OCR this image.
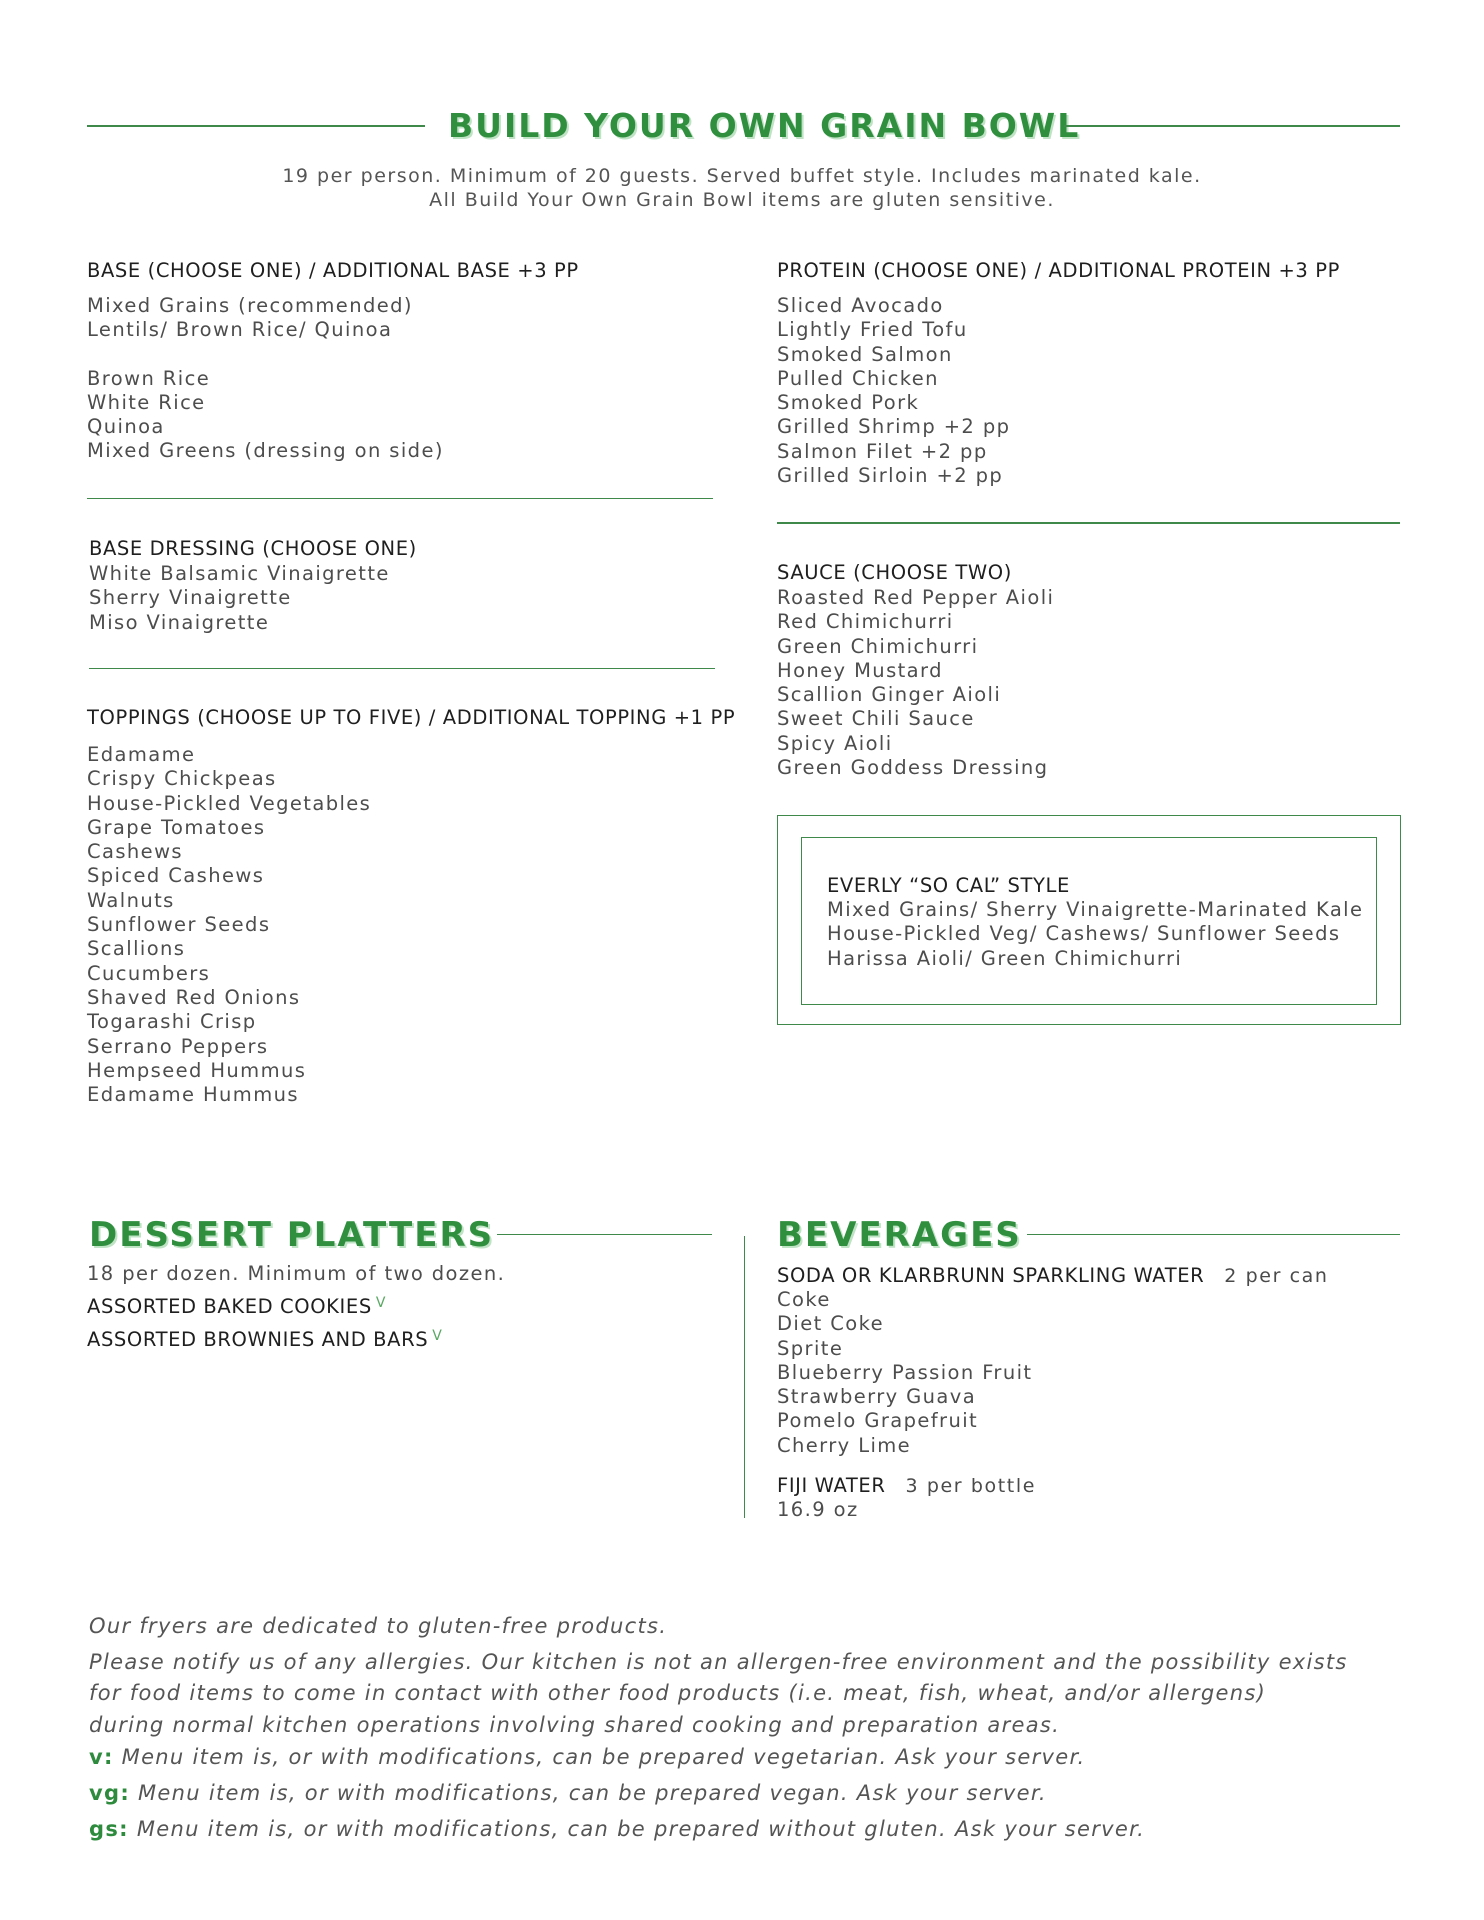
BUILD YOUR OWN GRAIN BOWL
19 per person. Minimum of 20 guests. Served buffet style. Includes marinated kale.
All Build Your Own Grain Bowl items are gluten sensitive.
BASE (CHOOSE ONE) / ADDITIONAL BASE +3 PP
Mixed Grains (recommended)
Lentils/ Brown Rice/ Quinoa
Brown Rice
White Rice
Quinoa
Mixed Greens (dressing on side)
BASE DRESSING (CHOOSE ONE)
White Balsamic Vinaigrette
Sherry Vinaigrette
Miso Vinaigrette
TOPPINGS (CHOOSE UP TO FIVE) / ADDITIONAL TOPPING +1 PP
Edamame
Crispy Chickpeas
House-Pickled Vegetables
Grape Tomatoes
Cashews
Spiced Cashews
Walnuts
Sunflower Seeds
Scallions
Cucumbers
Shaved Red Onions
Togarashi Crisp
Serrano Peppers
Hempseed Hummus
Edamame Hummus
PROTEIN (CHOOSE ONE) / ADDITIONAL PROTEIN +3 PP
Sliced Avocado
Lightly Fried Tofu
Smoked Salmon
Pulled Chicken
Smoked Pork
Grilled Shrimp +2 pp
Salmon Filet +2 pp
Grilled Sirloin +2 pp
SAUCE (CHOOSE TWO)
Roasted Red Pepper Aioli
Red Chimichurri
Green Chimichurri
Honey Mustard
Scallion Ginger Aioli
Sweet Chili Sauce
Spicy Aioli
Green Goddess Dressing
EVERLY “SO CAL” STYLE
Mixed Grains/ Sherry Vinaigrette-Marinated Kale
House-Pickled Veg/ Cashews/ Sunflower Seeds
Harissa Aioli/ Green Chimichurri
DESSERT PLATTERS
18 per dozen. Minimum of two dozen.
ASSORTED BAKED COOKIES $^V$
ASSORTED BROWNIES AND BARS $^V$
BEVERAGES
SODA OR KLARBRUNN SPARKLING WATER 2 per can
Coke
Diet Coke
Sprite
Blueberry Passion Fruit
Strawberry Guava
Pomelo Grapefruit
Cherry Lime
FIJI WATER 3 per bottle
16.9 oz
Our fryers are dedicated to gluten-free products.
Please notify us of any allergies. Our kitchen is not an allergen-free environment and the possibility exists
for food items to come in contact with other food products (i.e. meat, fish, wheat, and/or allergens)
during normal kitchen operations involving shared cooking and preparation areas.
v: Menu item is, or with modifications, can be prepared vegetarian. Ask your server.
vg: Menu item is, or with modifications, can be prepared vegan. Ask your server.
gs: Menu item is, or with modifications, can be prepared without gluten. Ask your server.
